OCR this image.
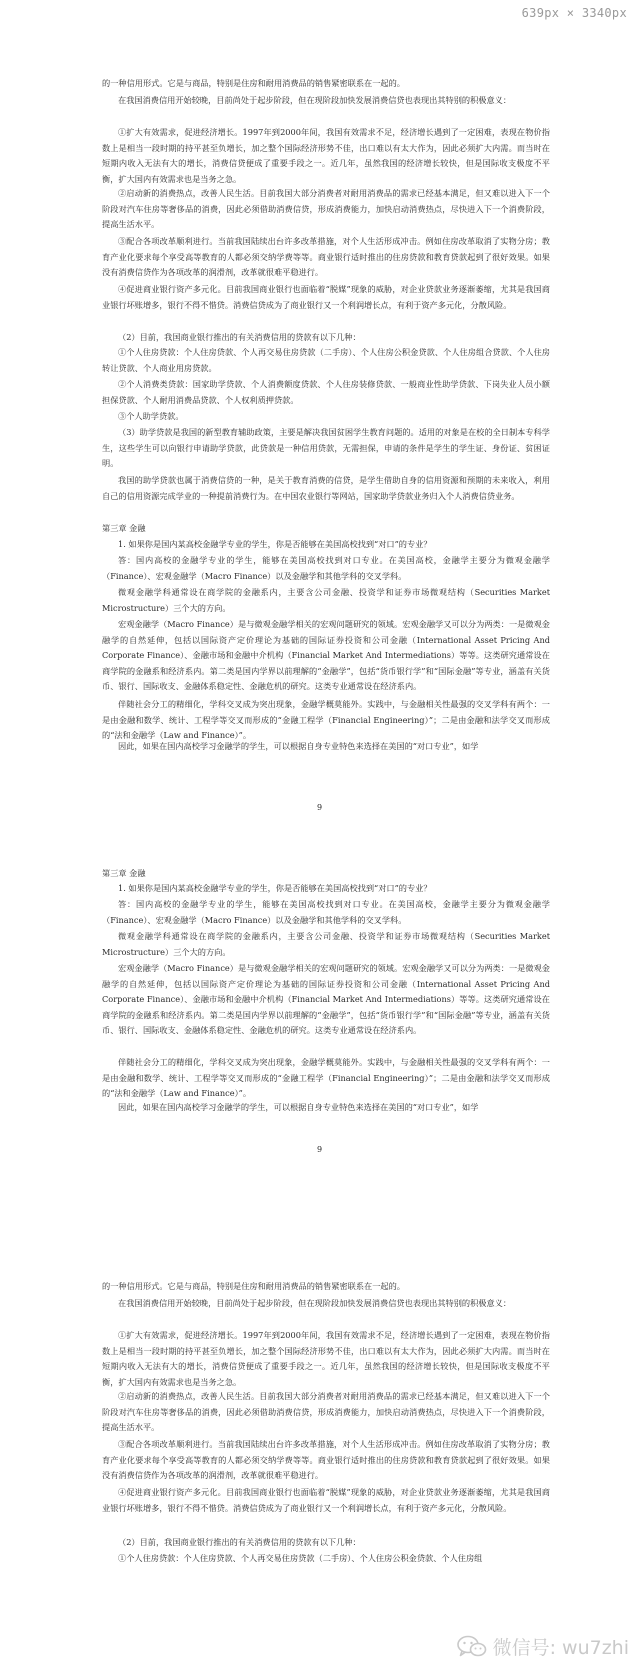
639px × 3340px

的一种信用形式。它是与商品，特别是住房和耐用消费品的销售紧密联系在一起的。

在我国消费信用开始较晚，目前尚处于起步阶段，但在现阶段加快发展消费信贷也表现出其特别的积极意义：

①扩大有效需求，促进经济增长。1997年到2000年间，我国有效需求不足，经济增长遇到了一定困难，表现在物价指数上是相当一段时期的持平甚至负增长，加之整个国际经济形势不佳，出口难以有太大作为，因此必须扩大内需。而当时在短期内收入无法有大的增长，消费信贷便成了重要手段之一。近几年，虽然我国的经济增长较快，但是国际收支极度不平衡，扩大国内有效需求也是当务之急。

②启动新的消费热点，改善人民生活。目前我国大部分消费者对耐用消费品的需求已经基本满足，但又难以进入下一个阶段对汽车住房等奢侈品的消费，因此必须借助消费信贷，形成消费能力，加快启动消费热点，尽快进入下一个消费阶段，提高生活水平。

③配合各项改革顺利进行。当前我国陆续出台许多改革措施，对个人生活形成冲击。例如住房改革取消了实物分房；教育产业化要求每个享受高等教育的人都必须交纳学费等等。商业银行适时推出的住房贷款和教育贷款起到了很好效果。如果没有消费信贷作为各项改革的润滑剂，改革就很难平稳进行。

④促进商业银行资产多元化。目前我国商业银行也面临着“脱媒”现象的威胁，对企业贷款业务逐渐萎缩，尤其是我国商业银行坏账增多，银行不得不惜贷。消费信贷成为了商业银行又一个利润增长点，有利于资产多元化，分散风险。

（2）目前，我国商业银行推出的有关消费信用的贷款有以下几种：

①个人住房贷款：个人住房贷款、个人再交易住房贷款（二手房）、个人住房公积金贷款、个人住房组合贷款、个人住房转让贷款、个人商业用房贷款。

②个人消费类贷款：国家助学贷款、个人消费额度贷款、个人住房装修贷款、一般商业性助学贷款、下岗失业人员小额担保贷款、个人耐用消费品贷款、个人权利质押贷款。

③个人助学贷款。

（3）助学贷款是我国的新型教育辅助政策，主要是解决我国贫困学生教育问题的。适用的对象是在校的全日制本专科学生，这些学生可以向银行申请助学贷款，此贷款是一种信用贷款，无需担保，申请的条件是学生的学生证、身份证、贫困证明。

我国的助学贷款也属于消费信贷的一种，是关于教育消费的信贷，是学生借助自身的信用资源和预期的未来收入，利用自己的信用资源完成学业的一种提前消费行为。在中国农业银行等网站，国家助学贷款业务归入个人消费信贷业务。

第三章 金融

1. 如果你是国内某高校金融学专业的学生，你是否能够在美国高校找到“对口”的专业？

答：国内高校的金融学专业的学生，能够在美国高校找到对口专业。在美国高校，金融学主要分为微观金融学（Finance）、宏观金融学（Macro Finance）以及金融学和其他学科的交叉学科。

微观金融学科通常设在商学院的金融系内，主要含公司金融、投资学和证券市场微观结构（Securities Market Microstructure）三个大的方向。

宏观金融学（Macro Finance）是与微观金融学相关的宏观问题研究的领域。宏观金融学又可以分为两类：一是微观金融学的自然延伸，包括以国际资产定价理论为基础的国际证券投资和公司金融（International Asset Pricing And Corporate Finance）、金融市场和金融中介机构（Financial Market And Intermediations）等等。这类研究通常设在商学院的金融系和经济系内。第二类是国内学界以前理解的“金融学”，包括“货币银行学”和“国际金融”等专业，涵盖有关货币、银行、国际收支、金融体系稳定性、金融危机的研究。这类专业通常设在经济系内。

伴随社会分工的精细化，学科交叉成为突出现象，金融学概莫能外。实践中，与金融相关性最强的交叉学科有两个：一是由金融和数学、统计、工程学等交叉而形成的“金融工程学（Financial Engineering）”；二是由金融和法学交叉而形成的“法和金融学（Law and Finance）”。

因此，如果在国内高校学习金融学的学生，可以根据自身专业特色来选择在美国的“对口专业”，如学

9

第三章 金融

1. 如果你是国内某高校金融学专业的学生，你是否能够在美国高校找到“对口”的专业？

答：国内高校的金融学专业的学生，能够在美国高校找到对口专业。在美国高校，金融学主要分为微观金融学（Finance）、宏观金融学（Macro Finance）以及金融学和其他学科的交叉学科。

微观金融学科通常设在商学院的金融系内，主要含公司金融、投资学和证券市场微观结构（Securities Market Microstructure）三个大的方向。

宏观金融学（Macro Finance）是与微观金融学相关的宏观问题研究的领域。宏观金融学又可以分为两类：一是微观金融学的自然延伸，包括以国际资产定价理论为基础的国际证券投资和公司金融（International Asset Pricing And Corporate Finance）、金融市场和金融中介机构（Financial Market And Intermediations）等等。这类研究通常设在商学院的金融系和经济系内。第二类是国内学界以前理解的“金融学”，包括“货币银行学”和“国际金融”等专业，涵盖有关货币、银行、国际收支、金融体系稳定性、金融危机的研究。这类专业通常设在经济系内。

伴随社会分工的精细化，学科交叉成为突出现象，金融学概莫能外。实践中，与金融相关性最强的交叉学科有两个：一是由金融和数学、统计、工程学等交叉而形成的“金融工程学（Financial Engineering）”；二是由金融和法学交叉而形成的“法和金融学（Law and Finance）”。

因此，如果在国内高校学习金融学的学生，可以根据自身专业特色来选择在美国的“对口专业”，如学

9

的一种信用形式。它是与商品，特别是住房和耐用消费品的销售紧密联系在一起的。

在我国消费信用开始较晚，目前尚处于起步阶段，但在现阶段加快发展消费信贷也表现出其特别的积极意义：

①扩大有效需求，促进经济增长。1997年到2000年间，我国有效需求不足，经济增长遇到了一定困难，表现在物价指数上是相当一段时期的持平甚至负增长，加之整个国际经济形势不佳，出口难以有太大作为，因此必须扩大内需。而当时在短期内收入无法有大的增长，消费信贷便成了重要手段之一。近几年，虽然我国的经济增长较快，但是国际收支极度不平衡，扩大国内有效需求也是当务之急。

②启动新的消费热点，改善人民生活。目前我国大部分消费者对耐用消费品的需求已经基本满足，但又难以进入下一个阶段对汽车住房等奢侈品的消费，因此必须借助消费信贷，形成消费能力，加快启动消费热点，尽快进入下一个消费阶段，提高生活水平。

③配合各项改革顺利进行。当前我国陆续出台许多改革措施，对个人生活形成冲击。例如住房改革取消了实物分房；教育产业化要求每个享受高等教育的人都必须交纳学费等等。商业银行适时推出的住房贷款和教育贷款起到了很好效果。如果没有消费信贷作为各项改革的润滑剂，改革就很难平稳进行。

④促进商业银行资产多元化。目前我国商业银行也面临着“脱媒”现象的威胁，对企业贷款业务逐渐萎缩，尤其是我国商业银行坏账增多，银行不得不惜贷。消费信贷成为了商业银行又一个利润增长点，有利于资产多元化，分散风险。

（2）目前，我国商业银行推出的有关消费信用的贷款有以下几种：

①个人住房贷款：个人住房贷款、个人再交易住房贷款（二手房）、个人住房公积金贷款、个人住房组

微信号: wu7zhi
